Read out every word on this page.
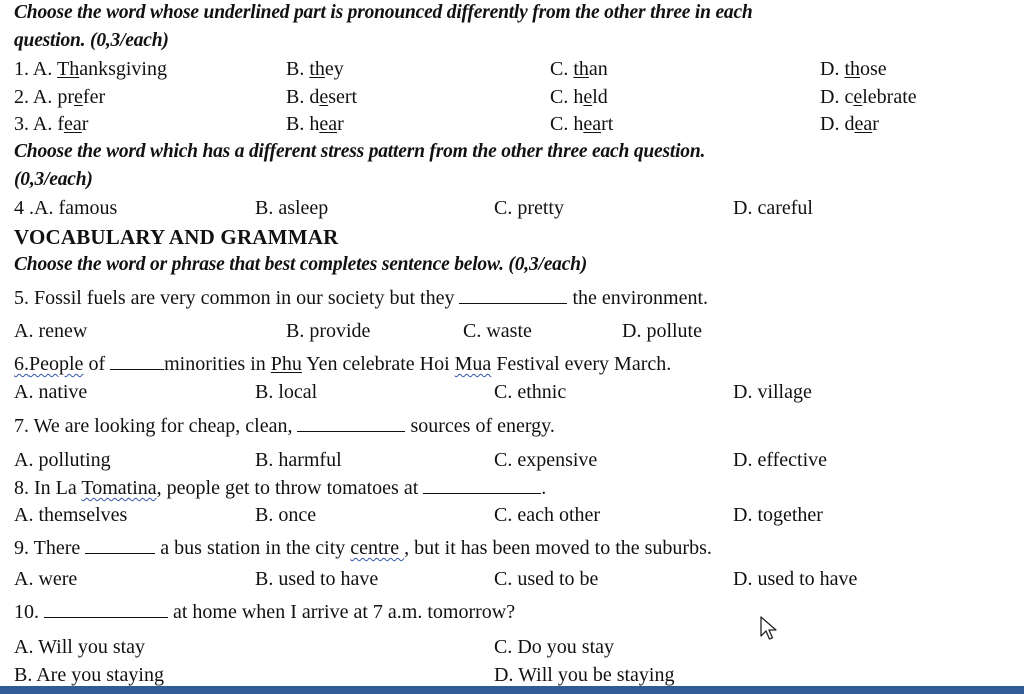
Choose the word whose underlined part is pronounced differently from the other three in each
question. (0,3/each)
1. A. Thanksgiving	B. they	C. than	D. those
2. A. prefer	B. desert	C. held	D. celebrate
3. A. fear	B. hear	C. heart	D. dear
Choose the word which has a different stress pattern from the other three each question.
(0,3/each)
4 .A. famous	B. asleep	C. pretty	D. careful
VOCABULARY AND GRAMMAR
Choose the word or phrase that best completes sentence below. (0,3/each)
5. Fossil fuels are very common in our society but they	the environment.
A. renew	B. provide	C. waste	D. pollute
6.People of	minorities in Phu Yen celebrate Hoi Mua Festival every March.
A. native	B. local	C. ethnic	D. village
7. We are looking for cheap, clean,	sources of energy.
A. polluting	B. harmful	C. expensive	D. effective
8. In La Tomatina, people get to throw tomatoes at	.
A. themselves	B. once	C. each other	D. together
9. There	a bus station in the city centre , but it has been moved to the suburbs.
A. were	B. used to have	C. used to be	D. used to have
10.	at home when I arrive at 7 a.m. tomorrow?
A. Will you stay	C. Do you stay
B. Are you staying	D. Will you be staying
